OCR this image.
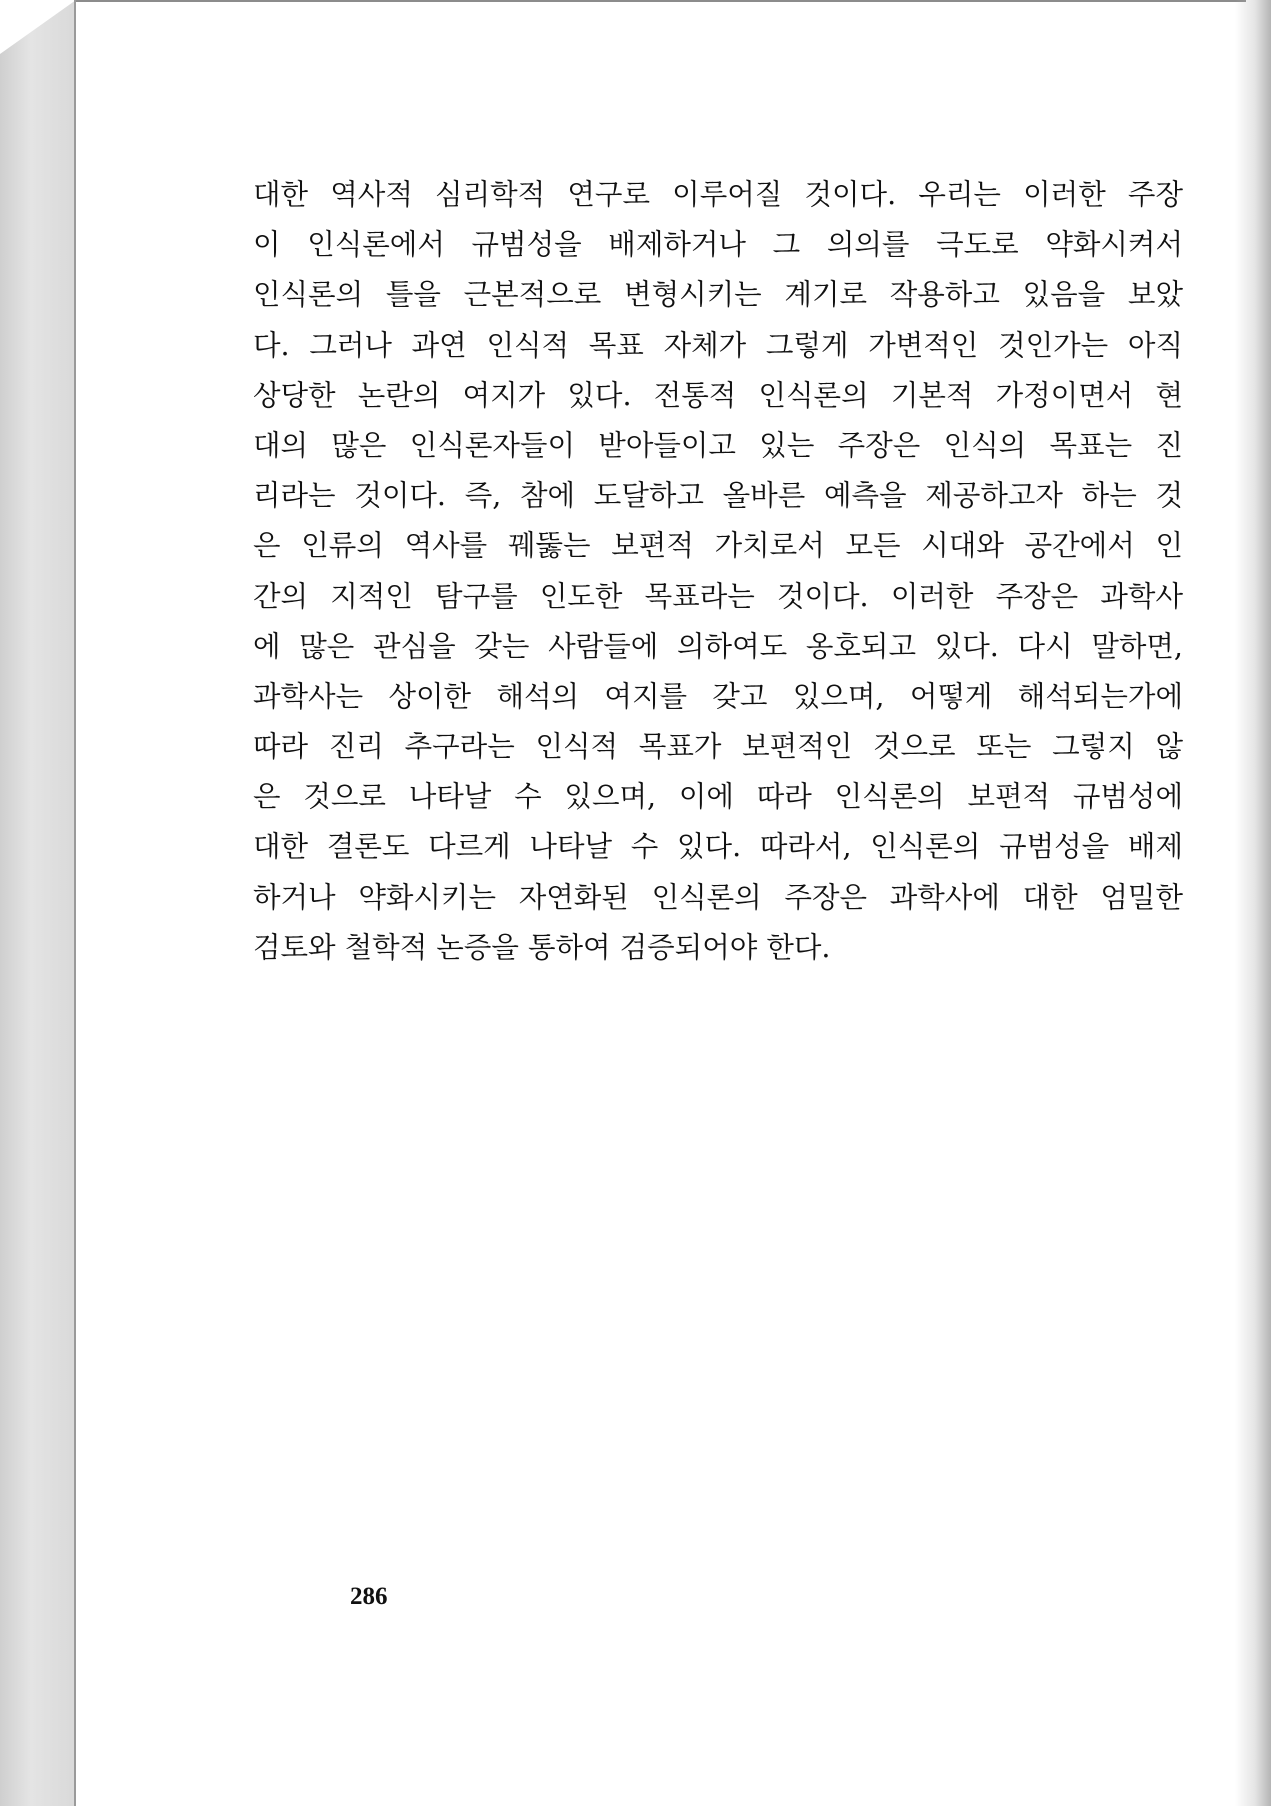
대한 역사적 심리학적 연구로 이루어질 것이다. 우리는 이러한 주장
이 인식론에서 규범성을 배제하거나 그 의의를 극도로 약화시켜서
인식론의 틀을 근본적으로 변형시키는 계기로 작용하고 있음을 보았
다. 그러나 과연 인식적 목표 자체가 그렇게 가변적인 것인가는 아직
상당한 논란의 여지가 있다. 전통적 인식론의 기본적 가정이면서 현
대의 많은 인식론자들이 받아들이고 있는 주장은 인식의 목표는 진
리라는 것이다. 즉, 참에 도달하고 올바른 예측을 제공하고자 하는 것
은 인류의 역사를 꿰뚫는 보편적 가치로서 모든 시대와 공간에서 인
간의 지적인 탐구를 인도한 목표라는 것이다. 이러한 주장은 과학사
에 많은 관심을 갖는 사람들에 의하여도 옹호되고 있다. 다시 말하면,
과학사는 상이한 해석의 여지를 갖고 있으며, 어떻게 해석되는가에
따라 진리 추구라는 인식적 목표가 보편적인 것으로 또는 그렇지 않
은 것으로 나타날 수 있으며, 이에 따라 인식론의 보편적 규범성에
대한 결론도 다르게 나타날 수 있다. 따라서, 인식론의 규범성을 배제
하거나 약화시키는 자연화된 인식론의 주장은 과학사에 대한 엄밀한
검토와 철학적 논증을 통하여 검증되어야 한다.

286
